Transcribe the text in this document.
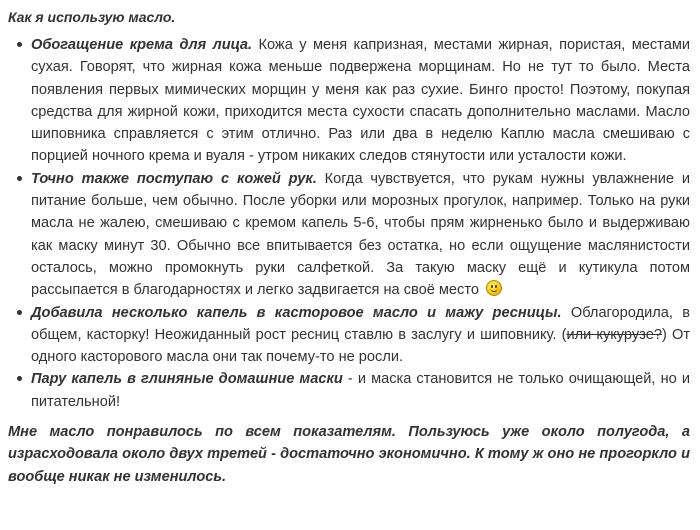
Как я использую масло.
Обогащение крема для лица. Кожа у меня капризная, местами жирная, пористая, местами сухая. Говорят, что жирная кожа меньше подвержена морщинам. Но не тут то было. Места появления первых мимических морщин у меня как раз сухие. Бинго просто! Поэтому, покупая средства для жирной кожи, приходится места сухости спасать дополнительно маслами. Масло шиповника справляется с этим отлично. Раз или два в неделю Каплю масла смешиваю с порцией ночного крема и вуаля - утром никаких следов стянутости или усталости кожи.
Точно также поступаю с кожей рук. Когда чувствуется, что рукам нужны увлажнение и питание больше, чем обычно. После уборки или морозных прогулок, например. Только на руки масла не жалею, смешиваю с кремом капель 5-6, чтобы прям жирненько было и выдерживаю как маску минут 30. Обычно все впитывается без остатка, но если ощущение маслянистости осталось, можно промокнуть руки салфеткой. За такую маску ещё и кутикула потом рассыпается в благодарностях и легко задвигается на своё место
Добавила несколько капель в касторовое масло и мажу ресницы. Облагородила, в общем, касторку! Неожиданный рост ресниц ставлю в заслугу и шиповнику. (или кукурузе?) От одного касторового масла они так почему-то не росли.
Пару капель в глиняные домашние маски - и маска становится не только очищающей, но и питательной!
Мне масло понравилось по всем показателям. Пользуюсь уже около полугода, а израсходовала около двух третей - достаточно экономично. К тому ж оно не прогоркло и вообще никак не изменилось.
